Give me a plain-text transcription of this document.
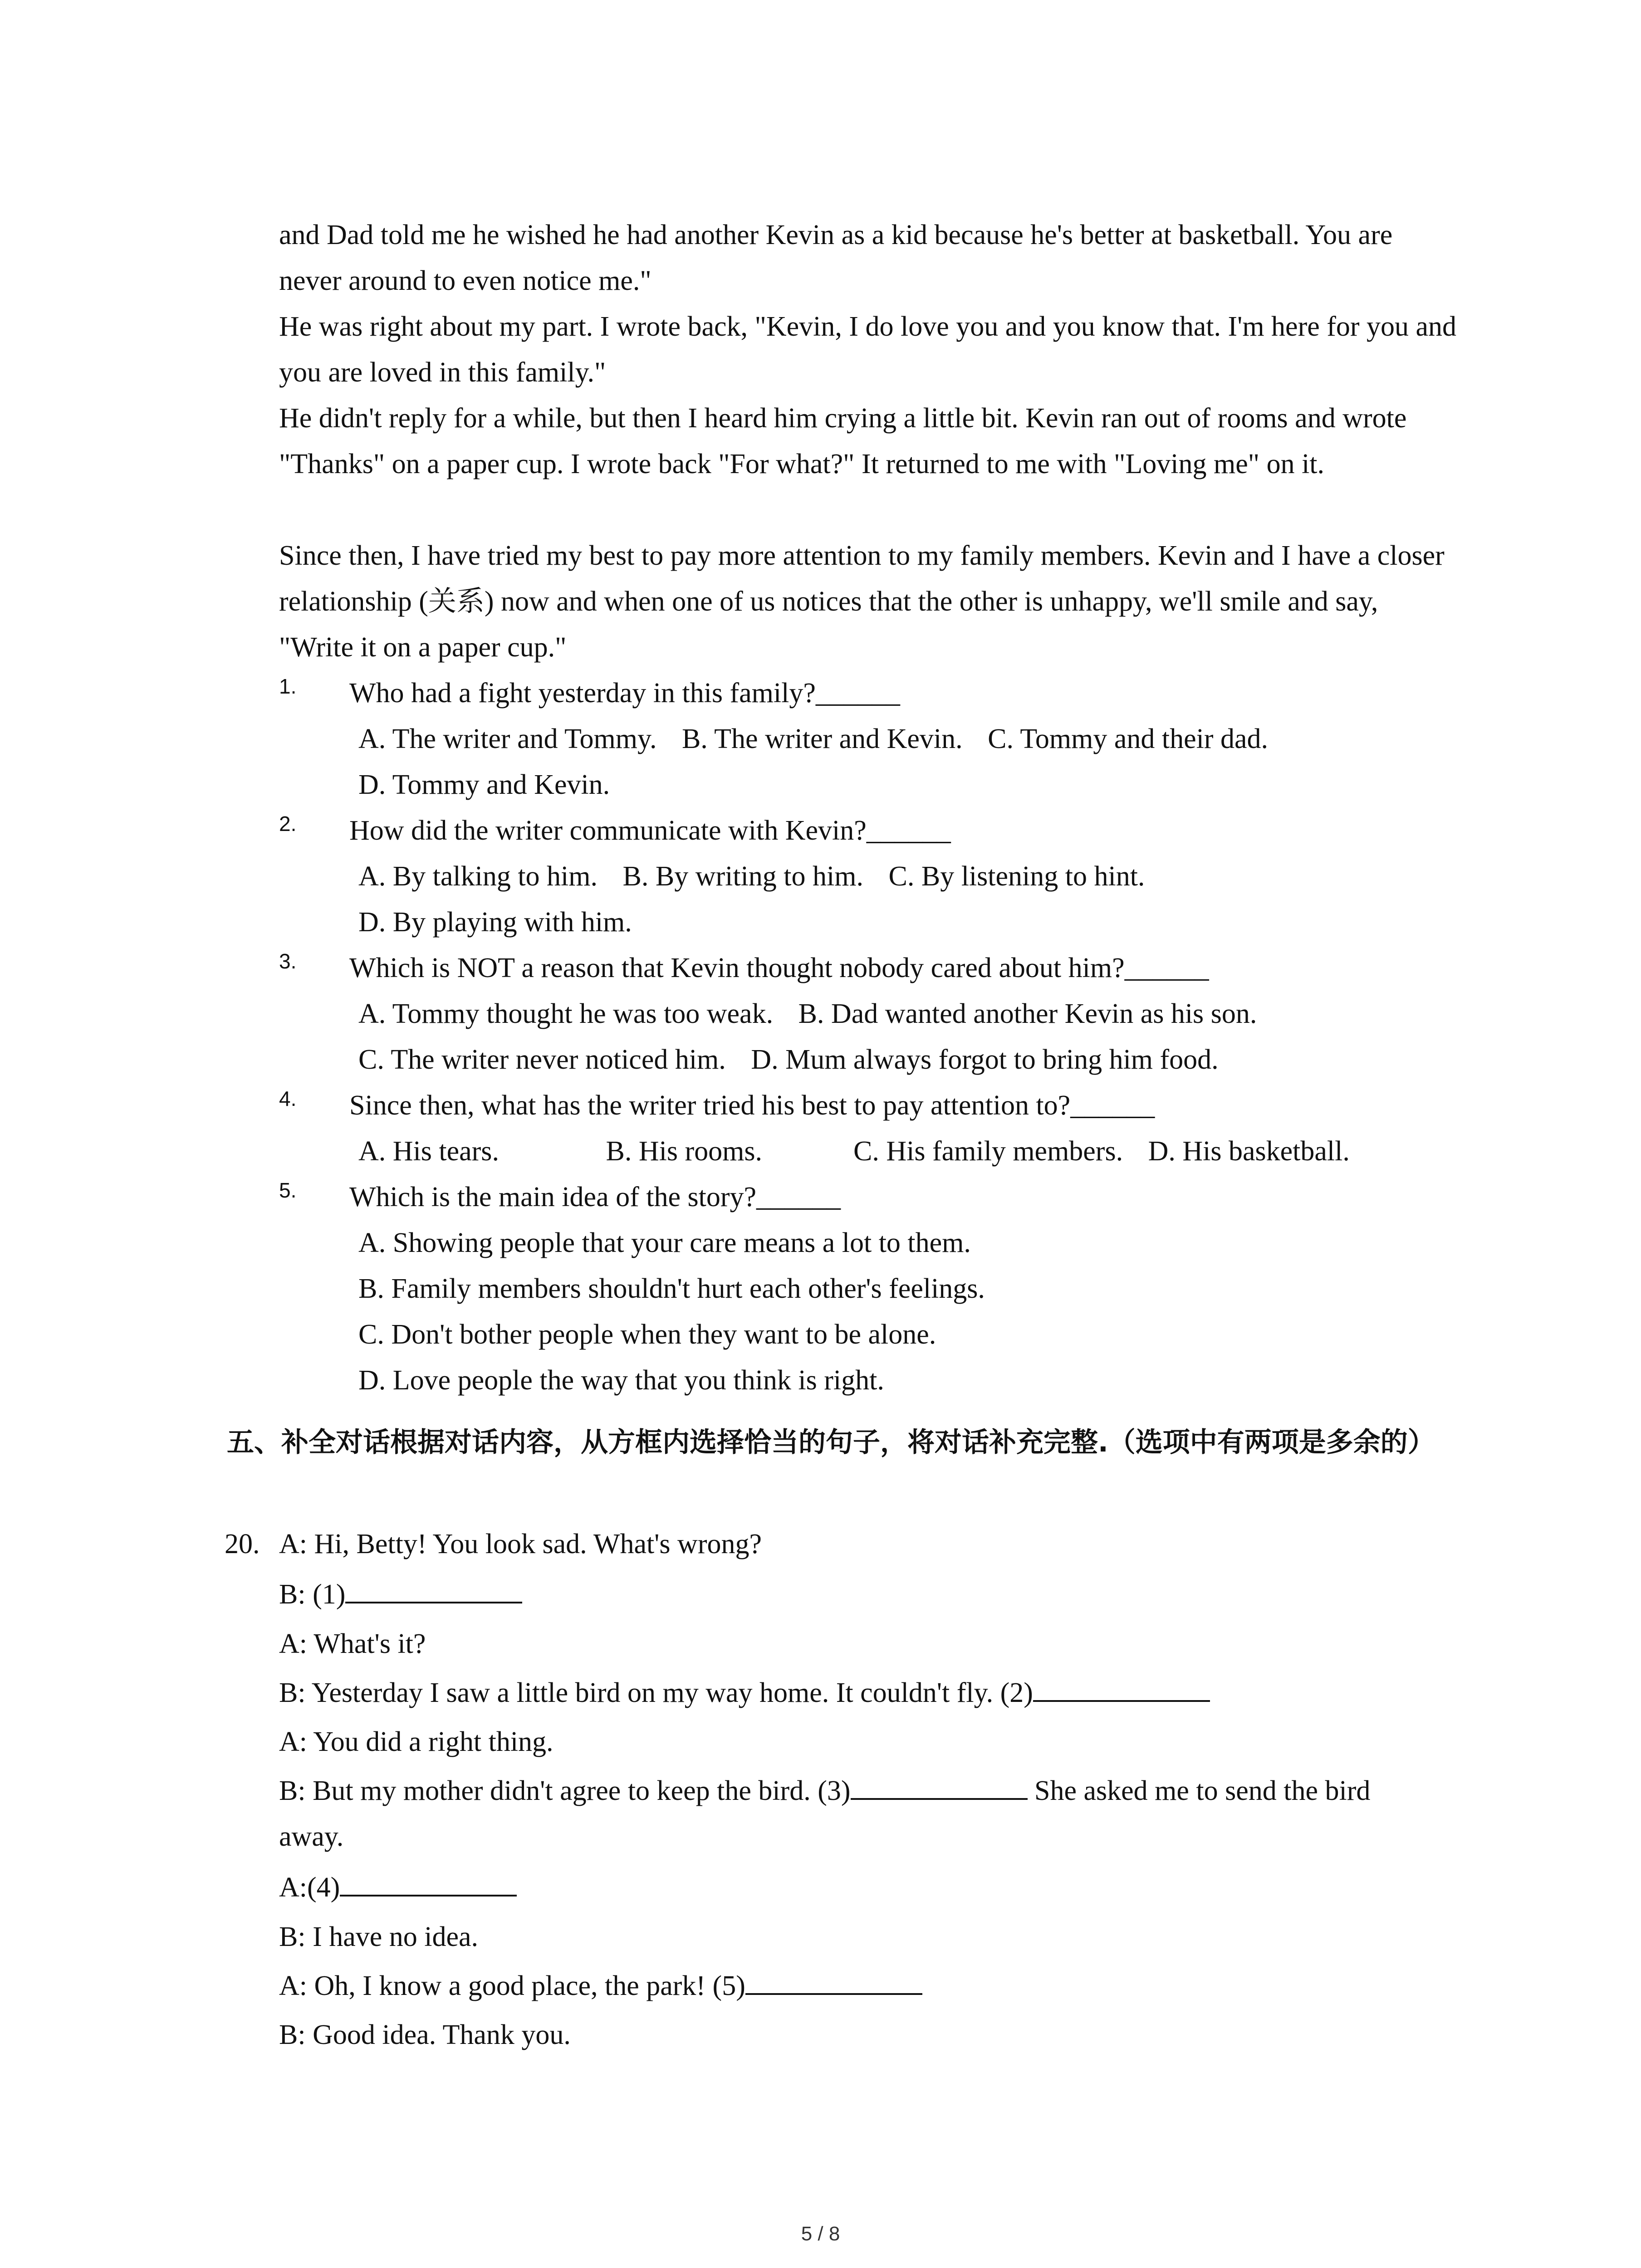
and Dad told me he wished he had another Kevin as a kid because he's better at basketball. You are never around to even notice me."

He was right about my part. I wrote back, "Kevin, I do love you and you know that. I'm here for you and you are loved in this family."

He didn't reply for a while, but then I heard him crying a little bit. Kevin ran out of rooms and wrote "Thanks" on a paper cup. I wrote back "For what?" It returned to me with "Loving me" on it.

Since then, I have tried my best to pay more attention to my family members. Kevin and I have a closer relationship (关系) now and when one of us notices that the other is unhappy, we'll smile and say, "Write it on a paper cup."

1. Who had a fight yesterday in this family?______
A. The writer and Tommy. B. The writer and Kevin. C. Tommy and their dad.
D. Tommy and Kevin.
2. How did the writer communicate with Kevin?______
A. By talking to him. B. By writing to him. C. By listening to hint.
D. By playing with him.
3. Which is NOT a reason that Kevin thought nobody cared about him?______
A. Tommy thought he was too weak. B. Dad wanted another Kevin as his son.
C. The writer never noticed him. D. Mum always forgot to bring him food.
4. Since then, what has the writer tried his best to pay attention to?______
A. His tears.	B. His rooms.	C. His family members. D. His basketball.
5. Which is the main idea of the story?______
A. Showing people that your care means a lot to them.
B. Family members shouldn't hurt each other's feelings.
C. Don't bother people when they want to be alone.
D. Love people the way that you think is right.
五、补全对话根据对话内容，从方框内选择恰当的句子，将对话补充完整.（选项中有两项是多余的）
20. A: Hi, Betty! You look sad. What's wrong?
B: (1)
A: What's it?
B: Yesterday I saw a little bird on my way home. It couldn't fly. (2)
A: You did a right thing.
B: But my mother didn't agree to keep the bird. (3)	She asked me to send the bird away.
A:(4)
B: I have no idea.
A: Oh, I know a good place, the park! (5)
B: Good idea. Thank you.
5 / 8
